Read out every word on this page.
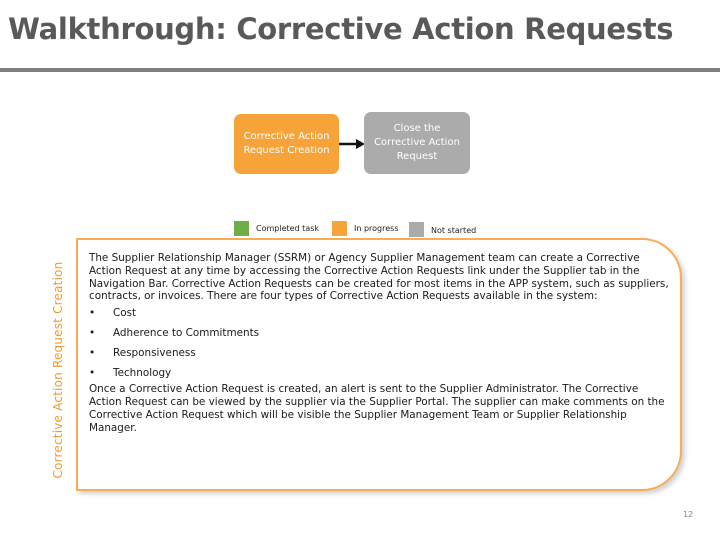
Walkthrough: Corrective Action Requests
Corrective Action Request Creation
Close the Corrective Action Request
Completed task	In progress	Not started
Corrective Action Request Creation

The Supplier Relationship Manager (SSRM) or Agency Supplier Management team can create a Corrective Action Request at any time by accessing the Corrective Action Requests link under the Supplier tab in the Navigation Bar. Corrective Action Requests can be created for most items in the APP system, such as suppliers, contracts, or invoices. There are four types of Corrective Action Requests available in the system:

•	Cost
•	Adherence to Commitments
•	Responsiveness
•	Technology

Once a Corrective Action Request is created, an alert is sent to the Supplier Administrator. The Corrective Action Request can be viewed by the supplier via the Supplier Portal. The supplier can make comments on the Corrective Action Request which will be visible the Supplier Management Team or Supplier Relationship Manager.

12
